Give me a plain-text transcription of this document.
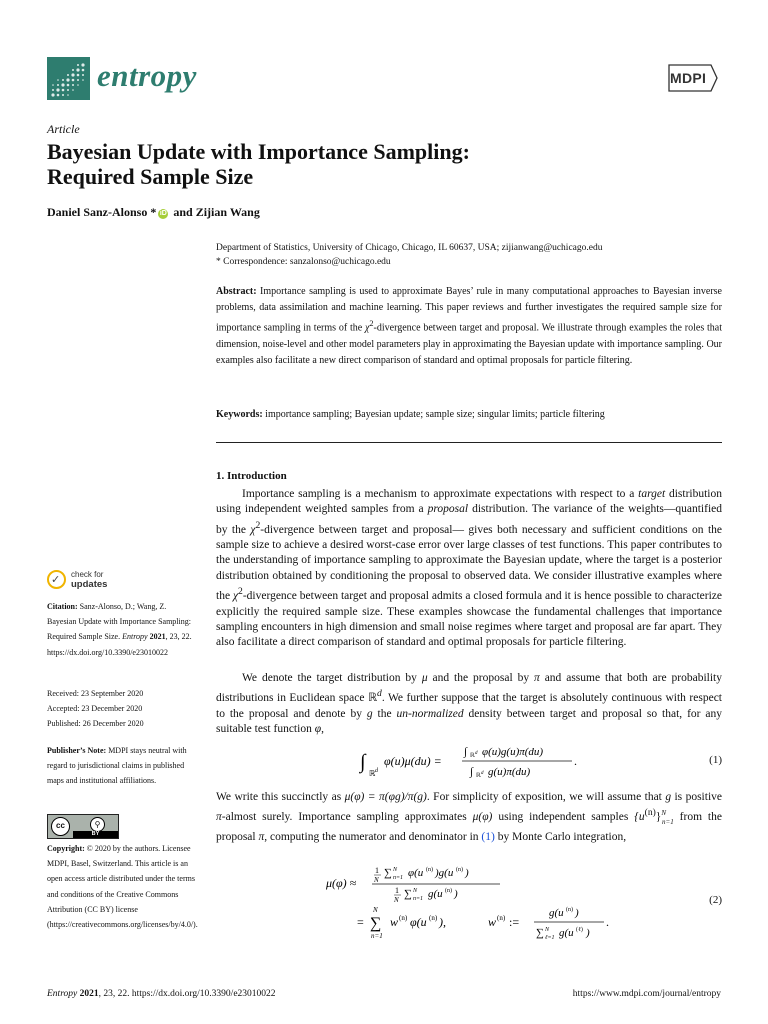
entropy	MDPI
Article
Bayesian Update with Importance Sampling:
Required Sample Size
Daniel Sanz-Alonso * iD and Zijian Wang
Department of Statistics, University of Chicago, Chicago, IL 60637, USA; zijianwang@uchicago.edu
* Correspondence: sanzalonso@uchicago.edu
Abstract: Importance sampling is used to approximate Bayes’ rule in many computational approaches to Bayesian inverse problems, data assimilation and machine learning. This paper reviews and further investigates the required sample size for importance sampling in terms of the $\chi^2$-divergence between target and proposal. We illustrate through examples the roles that dimension, noise-level and other model parameters play in approximating the Bayesian update with importance sampling. Our examples also facilitate a new direct comparison of standard and optimal proposals for particle filtering.
Keywords: importance sampling; Bayesian update; sample size; singular limits; particle filtering
1. Introduction
Importance sampling is a mechanism to approximate expectations with respect to a target distribution using independent weighted samples from a proposal distribution. The variance of the weights—quantified by the $\chi^2$-divergence between target and proposal— gives both necessary and sufficient conditions on the sample size to achieve a desired worst-case error over large classes of test functions. This paper contributes to the understanding of importance sampling to approximate the Bayesian update, where the target is a posterior distribution obtained by conditioning the proposal to observed data. We consider illustrative examples where the $\chi^2$-divergence between target and proposal admits a closed formula and it is hence possible to characterize explicitly the required sample size. These examples showcase the fundamental challenges that importance sampling encounters in high dimension and small noise regimes where target and proposal are far apart. They also facilitate a direct comparison of standard and optimal proposals for particle filtering.
We denote the target distribution by μ and the proposal by π and assume that both are probability distributions in Euclidean space ℝ$^d$. We further suppose that the target is absolutely continuous with respect to the proposal and denote by g the un-normalized density between target and proposal so that, for any suitable test function φ,
∫
ℝ d
φ(u)μ(du) =
∫ ℝ d φ(u)g(u)π(du)
∫ ℝ d g(u)π(du)
.	(1)
We write this succinctly as μ(φ) = π(φg)/π(g). For simplicity of exposition, we will assume that g is positive π-almost surely. Importance sampling approximates μ(φ) using independent samples $\{u^{(n)}\}^N_{n=1}$ from the proposal π, computing the numerator and denominator in (1) by Monte Carlo integration,
μ(φ) ≈
1
N
∑ N
n=1 φ(u (n) )g(u (n) )
1
N ∑ N
n=1 g(u (n) )
=
N
∑
n=1
w (n) φ(u (n) ),	w (n) :=
g(u (n) )
∑ N
ℓ=1 g(u (ℓ) )
.
(2)
✓ check for
updates
Citation: Sanz-Alonso, D.; Wang, Z. Bayesian Update with Importance Sampling: Required Sample Size. Entropy 2021, 23, 22. https://dx.doi.org/10.3390/e23010022
Received: 23 September 2020
Accepted: 23 December 2020
Published: 26 December 2020
Publisher’s Note: MDPI stays neutral with regard to jurisdictional claims in published maps and institutional affiliations.
cc	⚲
BY
Copyright: © 2020 by the authors. Licensee MDPI, Basel, Switzerland. This article is an open access article distributed under the terms and conditions of the Creative Commons Attribution (CC BY) license (https://creativecommons.org/licenses/by/4.0/).
Entropy 2021, 23, 22. https://dx.doi.org/10.3390/e23010022	https://www.mdpi.com/journal/entropy
